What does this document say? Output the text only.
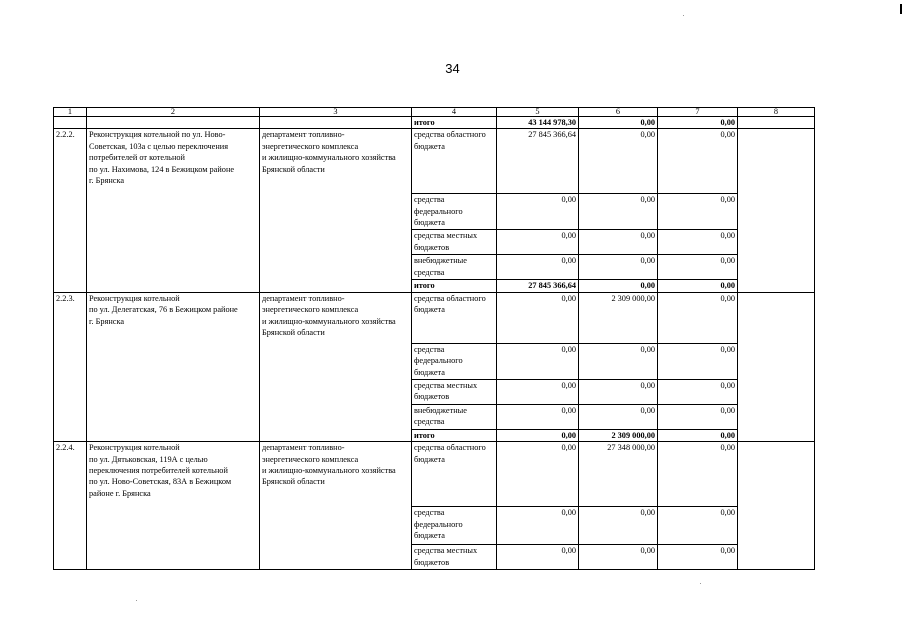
34
1	2	3	4	5	6	7	8
			итого	43 144 978,30	0,00	0,00	
2.2.2.	Реконструкция котельной по ул. Ново-
Советская, 103а с целью переключения
потребителей от котельной
по ул. Нахимова, 124 в Бежицком районе
г. Брянска	департамент топливно-
энергетического комплекса
и жилищно-коммунального хозяйства
Брянской области	средства областного
бюджета	27 845 366,64	0,00	0,00	
			средства
федерального
бюджета	0,00	0,00	0,00	
			средства местных
бюджетов	0,00	0,00	0,00	
			внебюджетные
средства	0,00	0,00	0,00	
			итого	27 845 366,64	0,00	0,00	
2.2.3.	Реконструкция котельной
по ул. Делегатская, 76 в Бежицком районе
г. Брянска	департамент топливно-
энергетического комплекса
и жилищно-коммунального хозяйства
Брянской области	средства областного
бюджета	0,00	2 309 000,00	0,00	
			средства
федерального
бюджета	0,00	0,00	0,00	
			средства местных
бюджетов	0,00	0,00	0,00	
			внебюджетные
средства	0,00	0,00	0,00	
			итого	0,00	2 309 000,00	0,00	
2.2.4.	Реконструкция котельной
по ул. Дятьковская, 119А с целью
переключения потребителей котельной
по ул. Ново-Советская, 83А в Бежицком
районе г. Брянска	департамент топливно-
энергетического комплекса
и жилищно-коммунального хозяйства
Брянской области	средства областного
бюджета	0,00	27 348 000,00	0,00	
			средства
федерального
бюджета	0,00	0,00	0,00	
			средства местных
бюджетов	0,00	0,00	0,00	
